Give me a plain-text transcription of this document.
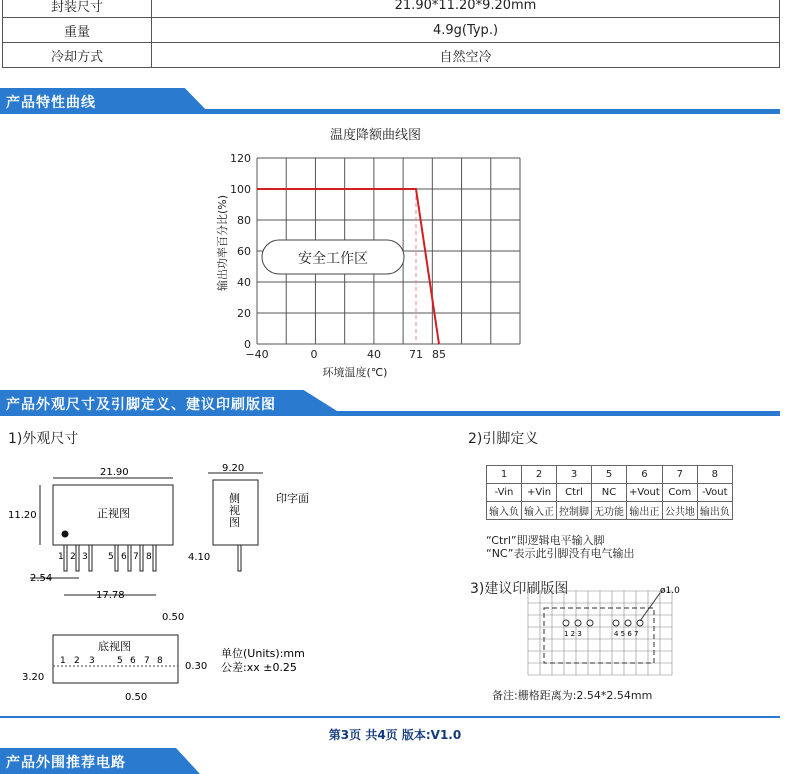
封装尺寸	21.90*11.20*9.20mm
重量	4.9g(Typ.)
冷却方式	自然空冷
产品特性曲线
温度降额曲线图
120
100
80
60
40
20
0
−40	0	40	71 85
安全工作区
环境温度(℃)
输出功率百分比(%)
产品外观尺寸及引脚定义、建议印刷版图
1)外观尺寸
正视图
1 2 3 5 6 7 8
21.90
11.20
2.54
17.78
9.20
侧
视
图
印字面
4.10
底视图
1 2 3 5 6 7 8
0.50
0.30
3.20
0.50
单位(Units):mm
公差:xx ±0.25
2)引脚定义
1	2	3	5	6	7	8
-Vin	+Vin	Ctrl	NC	+Vout	Com	-Vout
输入负	输入正	控制脚	无功能	输出正	公共地	输出负
“Ctrl”即逻辑电平输入脚
“NC”表示此引脚没有电气输出
3)建议印刷版图
1 2 3	4 5 6 7
ø1.0
备注:栅格距离为:2.54*2.54mm
第3页 共4页 版本:V1.0
产品外围推荐电路
